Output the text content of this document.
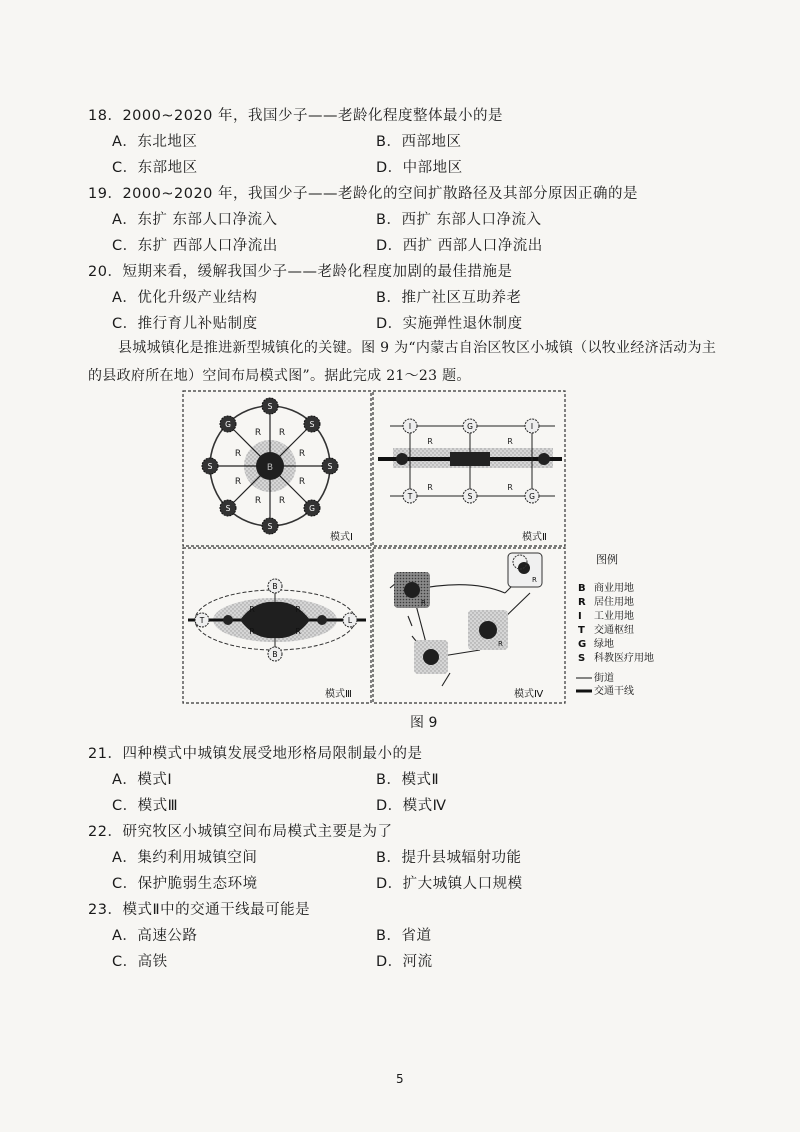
18．2000~2020 年，我国少子——老龄化程度整体最小的是
A．东北地区	B．西部地区
C．东部地区	D．中部地区
19．2000~2020 年，我国少子——老龄化的空间扩散路径及其部分原因正确的是
A．东扩 东部人口净流入	B．西扩 东部人口净流入
C．东扩 西部人口净流出	D．西扩 西部人口净流出
20．短期来看，缓解我国少子——老龄化程度加剧的最佳措施是
A．优化升级产业结构	B．推广社区互助养老
C．推行育儿补贴制度	D．实施弹性退休制度
县城城镇化是推进新型城镇化的关键。图 9 为“内蒙古自治区牧区小城镇（以牧业经济活动为主的县政府所在地）空间布局模式图”。据此完成 21～23 题。
B
R R
R	R
R	R
R R
S
S
S
G
S
S
S
G
R	R
R	R
I	G	I
T	S	G
R	R
R	R
B
B
T	L
R
R
R
图例
B 商业用地
R 居住用地
I 工业用地
T 交通枢纽
G 绿地
S 科教医疗用地
街道
交通干线
模式Ⅰ	模式Ⅱ
模式Ⅲ	模式Ⅳ
图 9
21．四种模式中城镇发展受地形格局限制最小的是
A．模式Ⅰ	B．模式Ⅱ
C．模式Ⅲ	D．模式Ⅳ
22．研究牧区小城镇空间布局模式主要是为了
A．集约利用城镇空间	B．提升县城辐射功能
C．保护脆弱生态环境	D．扩大城镇人口规模
23．模式Ⅱ中的交通干线最可能是
A．高速公路	B．省道
C．高铁	D．河流
5
